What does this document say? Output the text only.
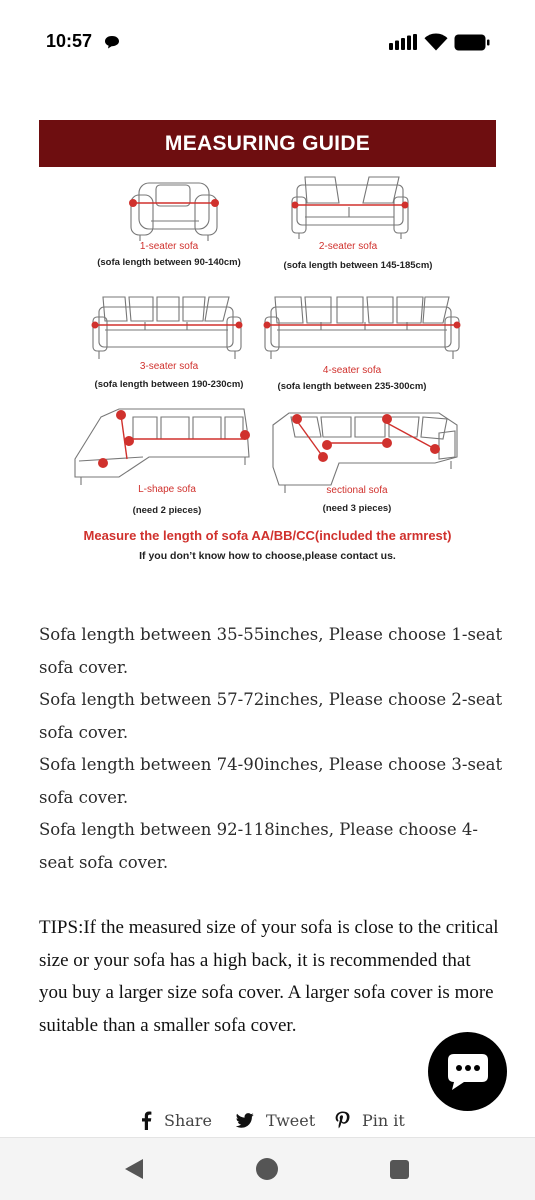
10:57
MEASURING GUIDE
1-seater sofa
(sofa length between 90-140cm)
2-seater sofa
(sofa length between 145-185cm)
3-seater sofa
(sofa length between 190-230cm)
4-seater sofa
(sofa length between 235-300cm)
L-shape sofa
(need 2 pieces)
sectional sofa
(need 3 pieces)
Measure the length of sofa AA/BB/CC(included the armrest)
If you don’t know how to choose,please contact us.

Sofa length between 35-55inches, Please choose 1-seat sofa cover.

Sofa length between 57-72inches, Please choose 2-seat sofa cover.

Sofa length between 74-90inches, Please choose 3-seat sofa cover.

Sofa length between 92-118inches, Please choose 4-seat sofa cover.

TIPS:If the measured size of your sofa is close to the critical size or your sofa has a high back, it is recommended that you buy a larger size sofa cover. A larger sofa cover is more suitable than a smaller sofa cover.
Share	Tweet	Pin it
